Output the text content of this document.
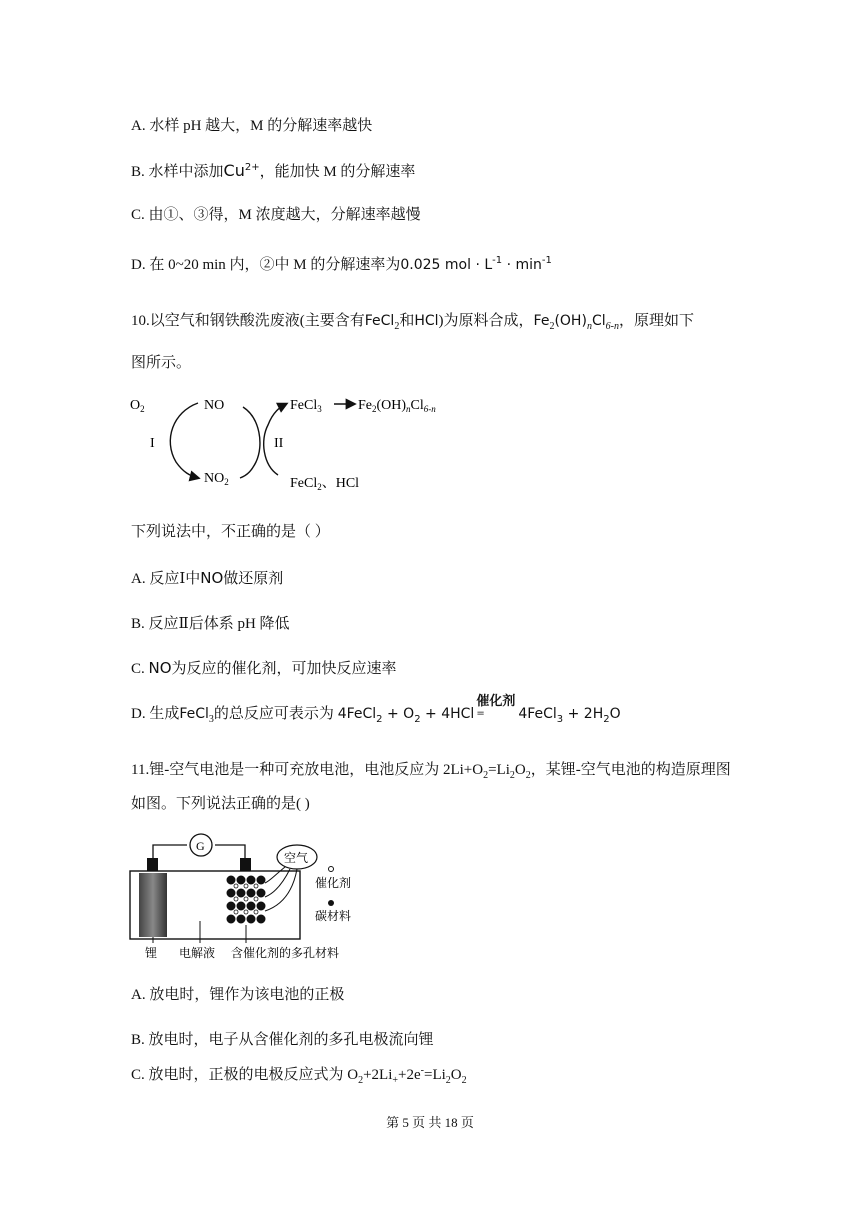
A. 水样 pH 越大，M 的分解速率越快
B. 水样中添加$Cu^{2+}$，能加快 M 的分解速率
C. 由①、③得，M 浓度越大，分解速率越慢
D. 在 0~20 min 内，②中 M 的分解速率为0.025 mol · $L^{-1} \cdot \min^{-1}$
10.以空气和钢铁酸洗废液(主要含有FeCl$_2$和HCl)为原料合成，$Fe_2(OH)_nCl_{6-n}$，原理如下
图所示。
$O_2$	NO
$NO_2$
I	II
FeCl$_3$	$Fe_2(OH)_nCl_{6-n}$
FeCl$_2$、HCl
下列说法中，不正确的是（ ）
A. 反应Ⅰ中NO做还原剂
B. 反应Ⅱ后体系 pH 降低
C. NO为反应的催化剂，可加快反应速率
D. 生成FeCl$_3$的总反应可表示为 4FeCl$_2$ + $O_2 + 4HCl$
催化剂
= 4FeCl$_3$ + $2H_2O$
11.锂-空气电池是一种可充放电池，电池反应为 $2Li+O_2=Li_2O_2$，某锂-空气电池的构造原理图
如图。下列说法正确的是( )
G
空气
催化剂
碳材料
锂 电解液 含催化剂的多孔材料
A. 放电时，锂作为该电池的正极
B. 放电时，电子从含催化剂的多孔电极流向锂
C. 放电时，正极的电极反应式为 $O_2+2Li_++2e^-=Li_2O_2$
第 5 页 共 18 页
